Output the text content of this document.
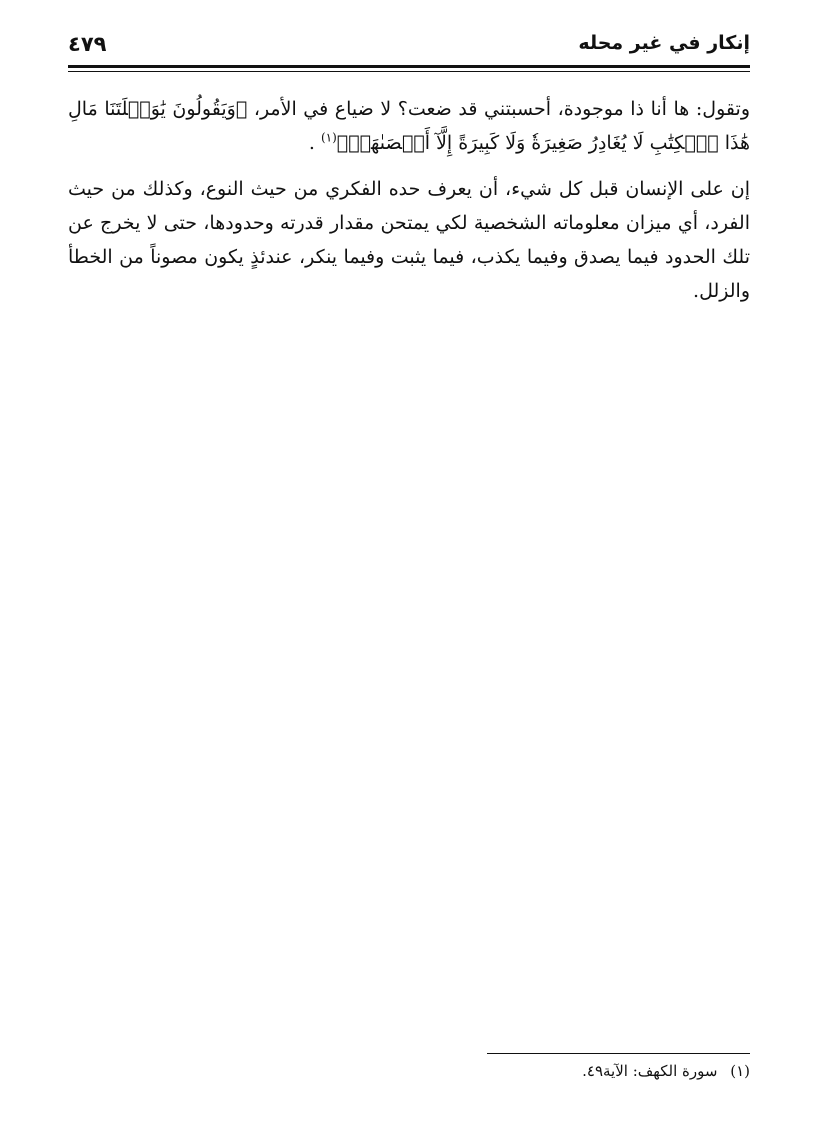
إنكار في غير محله
٤٧٩

وتقول: ها أنا ذا موجودة، أحسبتني قد ضعت؟ لا ضياع في الأمر، ﴿وَيَقُولُونَ يَٰوَيۡلَتَنَا مَالِ هَٰذَا ٱلۡكِتَٰبِ لَا يُغَادِرُ صَغِيرَةٗ وَلَا كَبِيرَةً إِلَّآ أَحۡصَىٰهَاۚ﴾$^{(١)}$ .

إن على الإنسان قبل كل شيء، أن يعرف حده الفكري من حيث النوع، وكذلك من حيث الفرد، أي ميزان معلوماته الشخصية لكي يمتحن مقدار قدرته وحدودها، حتى لا يخرج عن تلك الحدود فيما يصدق وفيما يكذب، فيما يثبت وفيما ينكر، عندئذٍ يكون مصوناً من الخطأ والزلل.

(١) سورة الكهف: الآية٤٩.
